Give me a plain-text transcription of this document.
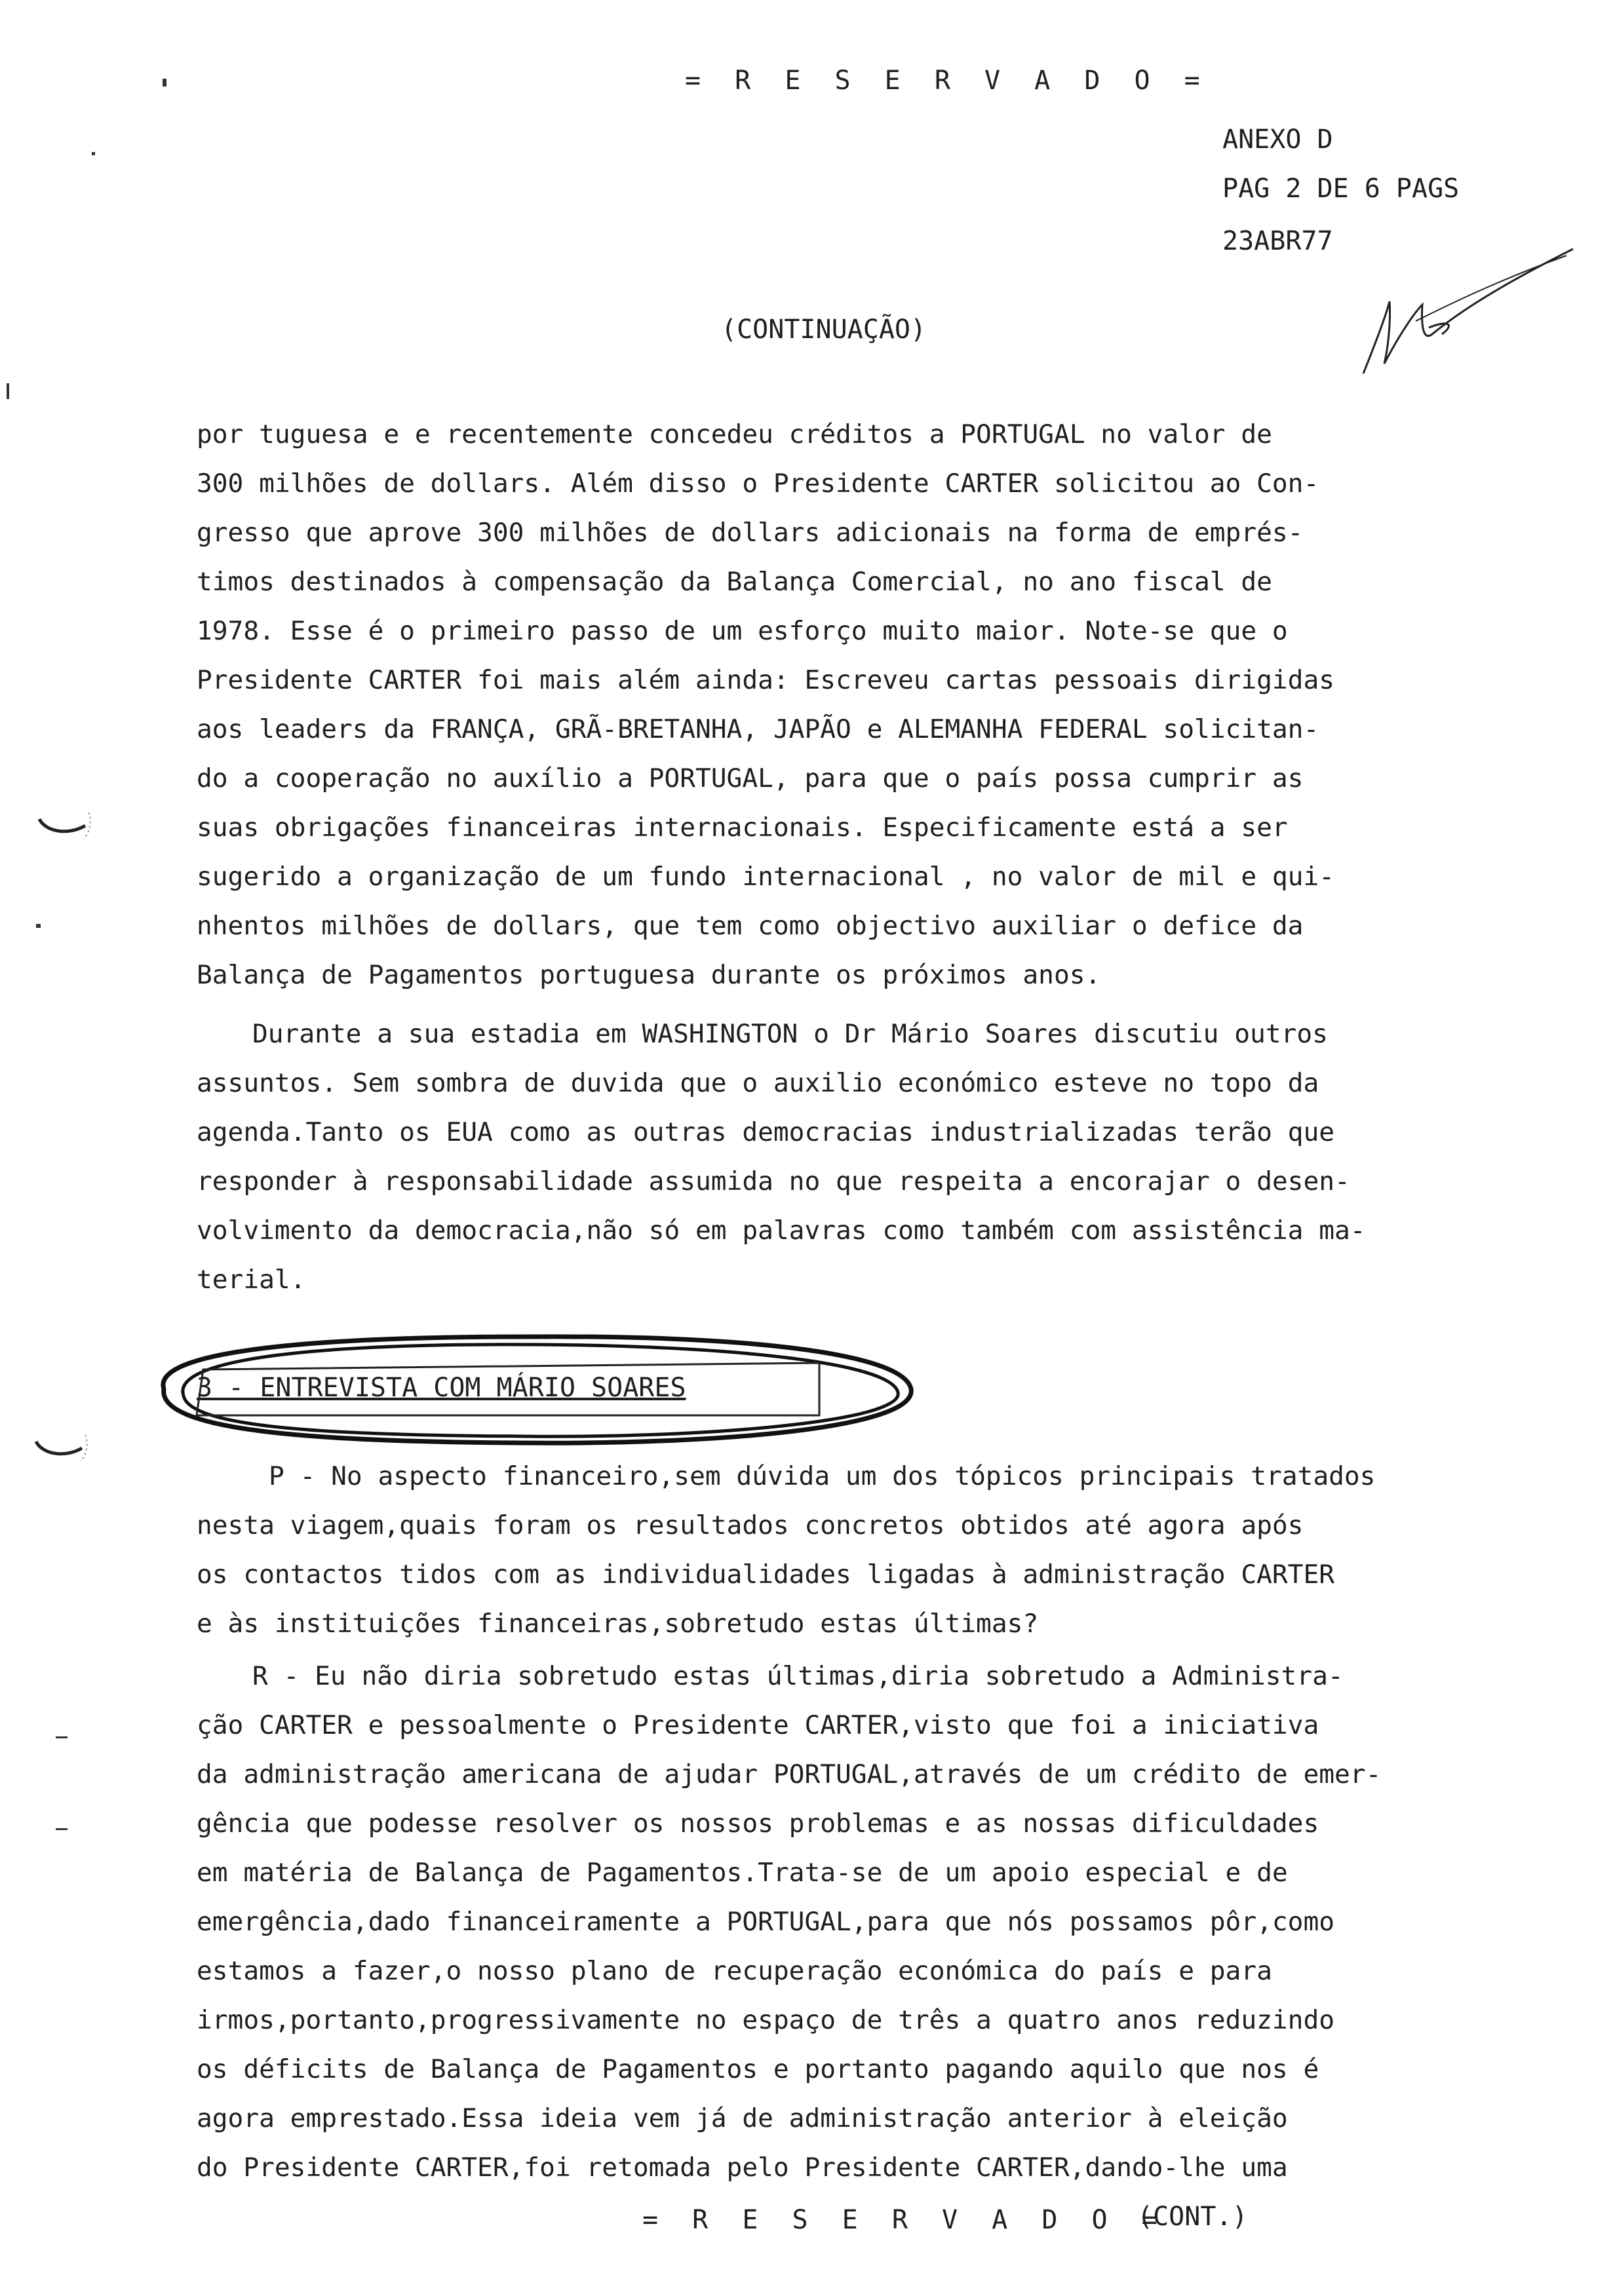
= R E S E R V A D O =
ANEXO D
PAG 2 DE 6 PAGS
23ABR77
(CONTINUAÇÃO)
por tuguesa e e recentemente concedeu créditos a PORTUGAL no valor de
300 milhões de dollars. Além disso o Presidente CARTER solicitou ao Con-
gresso que aprove 300 milhões de dollars adicionais na forma de emprés-
timos destinados à compensação da Balança Comercial, no ano fiscal de
1978. Esse é o primeiro passo de um esforço muito maior. Note-se que o
Presidente CARTER foi mais além ainda: Escreveu cartas pessoais dirigidas
aos leaders da FRANÇA, GRÃ-BRETANHA, JAPÃO e ALEMANHA FEDERAL solicitan-
do a cooperação no auxílio a PORTUGAL, para que o país possa cumprir as
suas obrigações financeiras internacionais. Especificamente está a ser
sugerido a organização de um fundo internacional , no valor de mil e qui-
nhentos milhões de dollars, que tem como objectivo auxiliar o defice da
Balança de Pagamentos portuguesa durante os próximos anos.
Durante a sua estadia em WASHINGTON o Dr Mário Soares discutiu outros
assuntos. Sem sombra de duvida que o auxilio económico esteve no topo da
agenda.Tanto os EUA como as outras democracias industrializadas terão que
responder à responsabilidade assumida no que respeita a encorajar o desen-
volvimento da democracia,não só em palavras como também com assistência ma-
terial.
3 - ENTREVISTA COM MÁRIO SOARES
P - No aspecto financeiro,sem dúvida um dos tópicos principais tratados
nesta viagem,quais foram os resultados concretos obtidos até agora após
os contactos tidos com as individualidades ligadas à administração CARTER
e às instituições financeiras,sobretudo estas últimas?
R - Eu não diria sobretudo estas últimas,diria sobretudo a Administra-
ção CARTER e pessoalmente o Presidente CARTER,visto que foi a iniciativa
da administração americana de ajudar PORTUGAL,através de um crédito de emer-
gência que podesse resolver os nossos problemas e as nossas dificuldades
em matéria de Balança de Pagamentos.Trata-se de um apoio especial e de
emergência,dado financeiramente a PORTUGAL,para que nós possamos pôr,como
estamos a fazer,o nosso plano de recuperação económica do país e para
irmos,portanto,progressivamente no espaço de três a quatro anos reduzindo
os déficits de Balança de Pagamentos e portanto pagando aquilo que nos é
agora emprestado.Essa ideia vem já de administração anterior à eleição
do Presidente CARTER,foi retomada pelo Presidente CARTER,dando-lhe uma
= R E S E R V A D O =
(CONT.)
